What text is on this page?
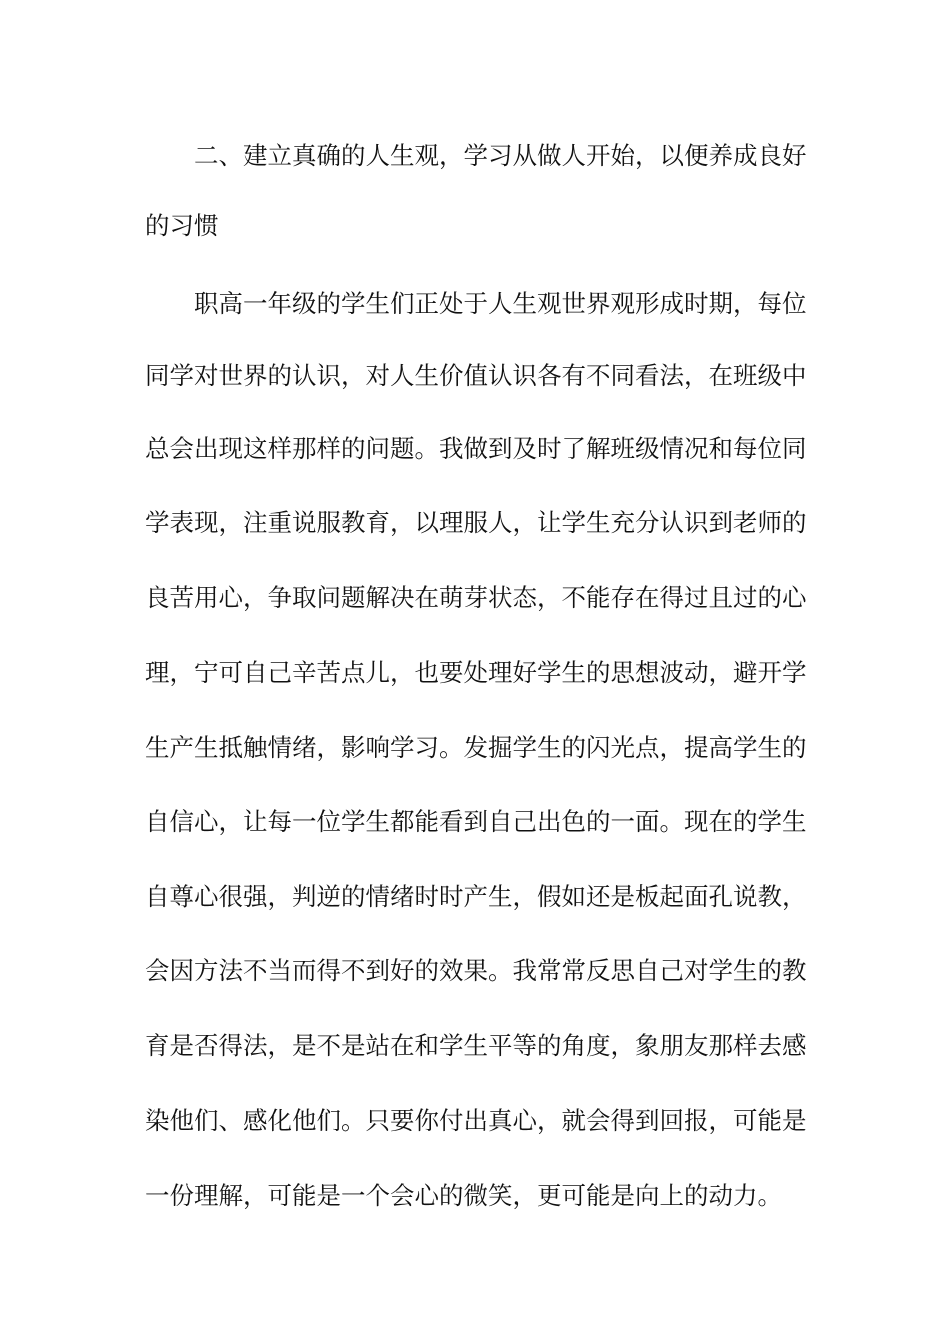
二、建立真确的人生观，学习从做人开始，以便养成良好
的习惯
职高一年级的学生们正处于人生观世界观形成时期，每位
同学对世界的认识，对人生价值认识各有不同看法，在班级中
总会出现这样那样的问题。我做到及时了解班级情况和每位同
学表现，注重说服教育，以理服人，让学生充分认识到老师的
良苦用心，争取问题解决在萌芽状态，不能存在得过且过的心
理，宁可自己辛苦点儿，也要处理好学生的思想波动，避开学
生产生抵触情绪，影响学习。发掘学生的闪光点，提高学生的
自信心，让每一位学生都能看到自己出色的一面。现在的学生
自尊心很强，判逆的情绪时时产生，假如还是板起面孔说教，
会因方法不当而得不到好的效果。我常常反思自己对学生的教
育是否得法，是不是站在和学生平等的角度，象朋友那样去感
染他们、感化他们。只要你付出真心，就会得到回报，可能是
一份理解，可能是一个会心的微笑，更可能是向上的动力。
